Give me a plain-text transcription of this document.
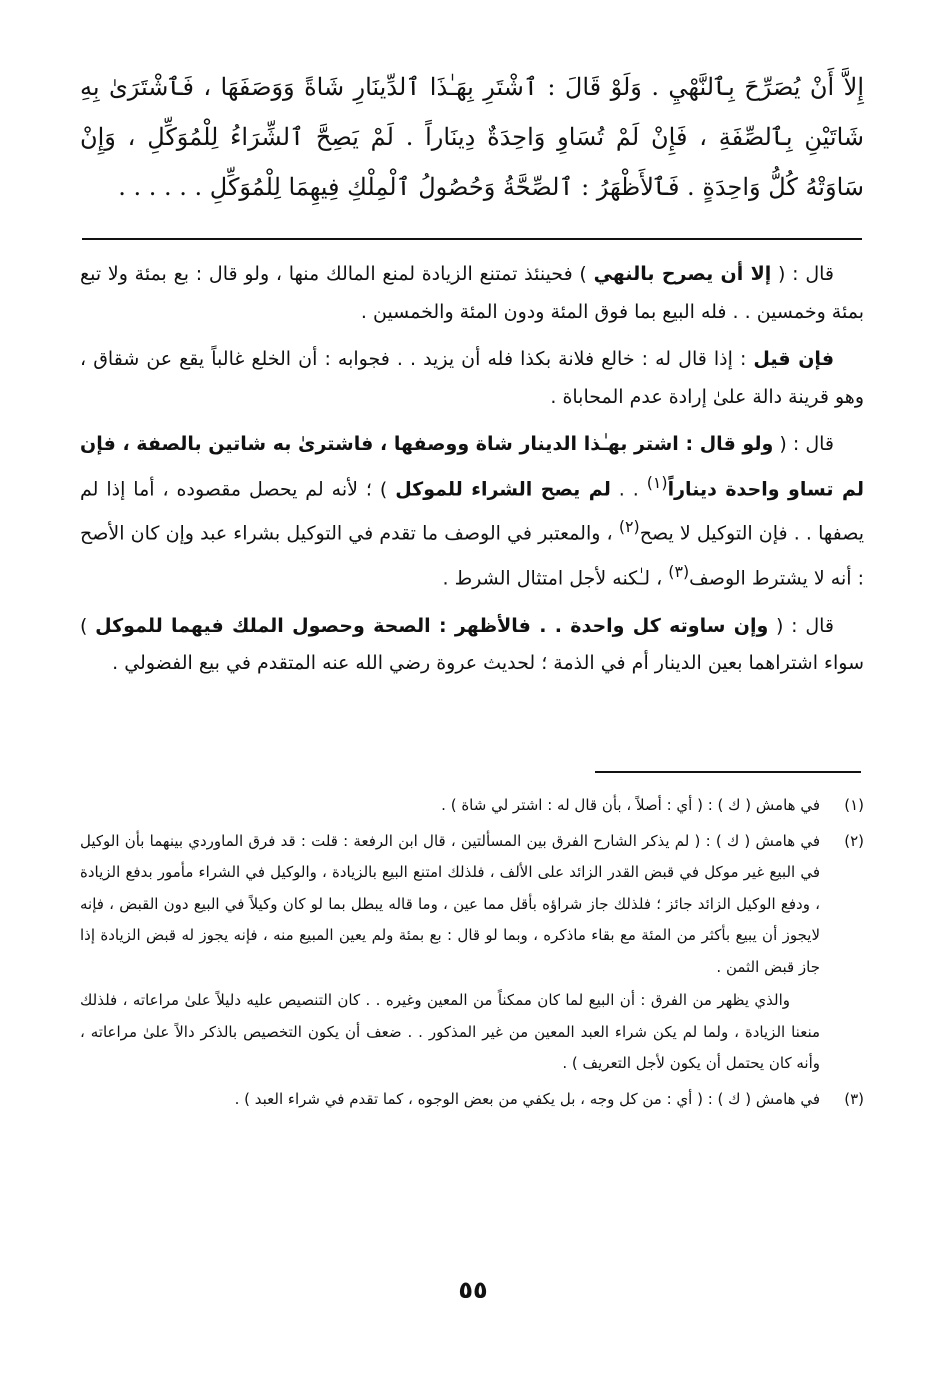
إِلاَّ أَنْ يُصَرِّحَ بِٱلنَّهْيِ . وَلَوْ قَالَ : ٱشْتَرِ بِهَـٰذَا ٱلدِّينَارِ شَاةً وَوَصَفَهَا ، فَٱشْتَرَىٰ بِهِ شَاتَيْنِ بِٱلصِّفَةِ ، فَإِنْ لَمْ تُسَاوِ وَاحِدَةٌ دِينَاراً . لَمْ يَصِحَّ ٱلشِّرَاءُ لِلْمُوَكِّلِ ، وَإِنْ سَاوَتْهُ كُلُّ وَاحِدَةٍ . فَٱلأَظْهَرُ : ٱلصِّحَّةُ وَحُصُولُ ٱلْمِلْكِ فِيهِمَا لِلْمُوَكِّلِ . . . . . .

قال : ( إلا أن يصرح بالنهي ) فحينئذ تمتنع الزيادة لمنع المالك منها ، ولو قال : بع بمئة ولا تبع بمئة وخمسين . . فله البيع بما فوق المئة ودون المئة والخمسين .

فإن قيل : إذا قال له : خالع فلانة بكذا فله أن يزيد . . فجوابه : أن الخلع غالباً يقع عن شقاق ، وهو قرينة دالة علىٰ إرادة عدم المحاباة .

قال : ( ولو قال : اشتر بهـٰذا الدينار شاة ووصفها ، فاشترىٰ به شاتين بالصفة ، فإن لم تساو واحدة ديناراً$^{(١)}$ . . لم يصح الشراء للموكل ) ؛ لأنه لم يحصل مقصوده ، أما إذا لم يصفها . . فإن التوكيل لا يصح$^{(٢)}$ ، والمعتبر في الوصف ما تقدم في التوكيل بشراء عبد وإن كان الأصح : أنه لا يشترط الوصف$^{(٣)}$ ، لـٰكنه لأجل امتثال الشرط .

قال : ( وإن ساوته كل واحدة . . فالأظهر : الصحة وحصول الملك فيهما للموكل ) سواء اشتراهما بعين الدينار أم في الذمة ؛ لحديث عروة رضي الله عنه المتقدم في بيع الفضولي .

(١)

في هامش ( ك ) : ( أي : أصلاً ، بأن قال له : اشتر لي شاة ) .

(٢)

في هامش ( ك ) : ( لم يذكر الشارح الفرق بين المسألتين ، قال ابن الرفعة : قلت : قد فرق الماوردي بينهما بأن الوكيل في البيع غير موكل في قبض القدر الزائد على الألف ، فلذلك امتنع البيع بالزيادة ، والوكيل في الشراء مأمور بدفع الزيادة ، ودفع الوكيل الزائد جائز ؛ فلذلك جاز شراؤه بأقل مما عين ، وما قاله يبطل بما لو كان وكيلاً في البيع دون القبض ، فإنه لايجوز أن يبيع بأكثر من المئة مع بقاء ماذكره ، وبما لو قال : بع بمئة ولم يعين المبيع منه ، فإنه يجوز له قبض الزيادة إذا جاز قبض الثمن .

والذي يظهر من الفرق : أن البيع لما كان ممكناً من المعين وغيره . . كان التنصيص عليه دليلاً علىٰ مراعاته ، فلذلك منعنا الزيادة ، ولما لم يكن شراء العبد المعين من غير المذكور . . ضعف أن يكون التخصيص بالذكر دالاً علىٰ مراعاته ، وأنه كان يحتمل أن يكون لأجل التعريف ) .

(٣)

في هامش ( ك ) : ( أي : من كل وجه ، بل يكفي من بعض الوجوه ، كما تقدم في شراء العبد ) .

٥٥
